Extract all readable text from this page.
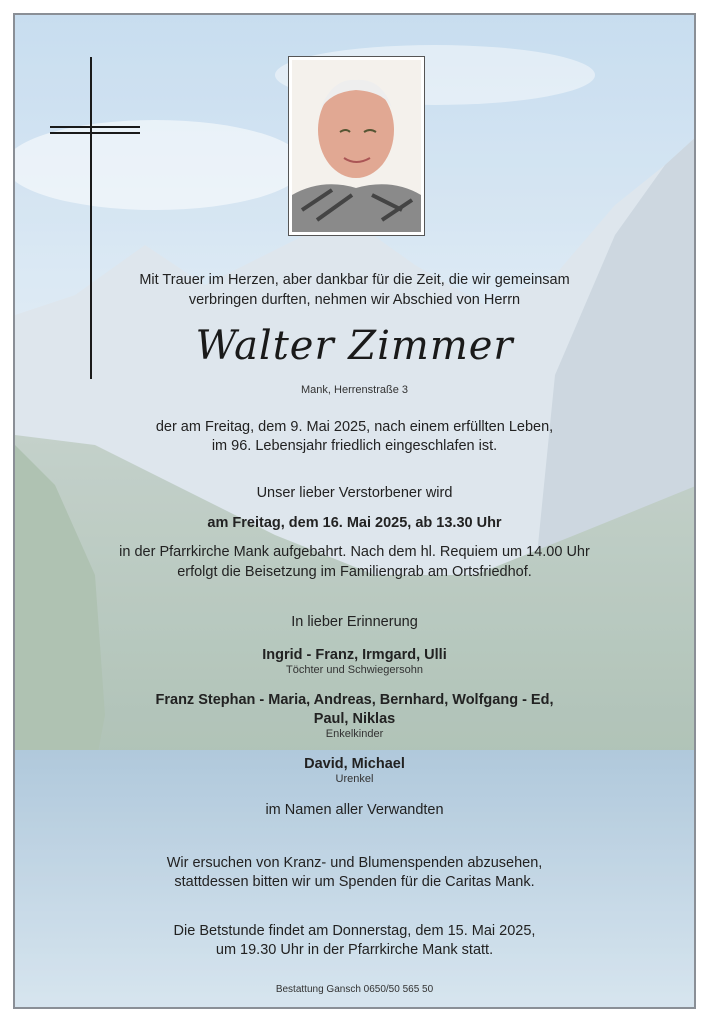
Mit Trauer im Herzen, aber dankbar für die Zeit, die wir gemeinsam
verbringen durften, nehmen wir Abschied von Herrn
Walter Zimmer
Mank, Herrenstraße 3
der am Freitag, dem 9. Mai 2025, nach einem erfüllten Leben,
im 96. Lebensjahr friedlich eingeschlafen ist.
Unser lieber Verstorbener wird
am Freitag, dem 16. Mai 2025, ab 13.30 Uhr
in der Pfarrkirche Mank aufgebahrt. Nach dem hl. Requiem um 14.00 Uhr
erfolgt die Beisetzung im Familiengrab am Ortsfriedhof.
In lieber Erinnerung
Ingrid - Franz, Irmgard, Ulli
Töchter und Schwiegersohn
Franz Stephan - Maria, Andreas, Bernhard, Wolfgang - Ed,
Paul, Niklas
Enkelkinder
David, Michael
Urenkel
im Namen aller Verwandten
Wir ersuchen von Kranz- und Blumenspenden abzusehen,
stattdessen bitten wir um Spenden für die Caritas Mank.
Die Betstunde findet am Donnerstag, dem 15. Mai 2025,
um 19.30 Uhr in der Pfarrkirche Mank statt.
Bestattung Gansch 0650/50 565 50
